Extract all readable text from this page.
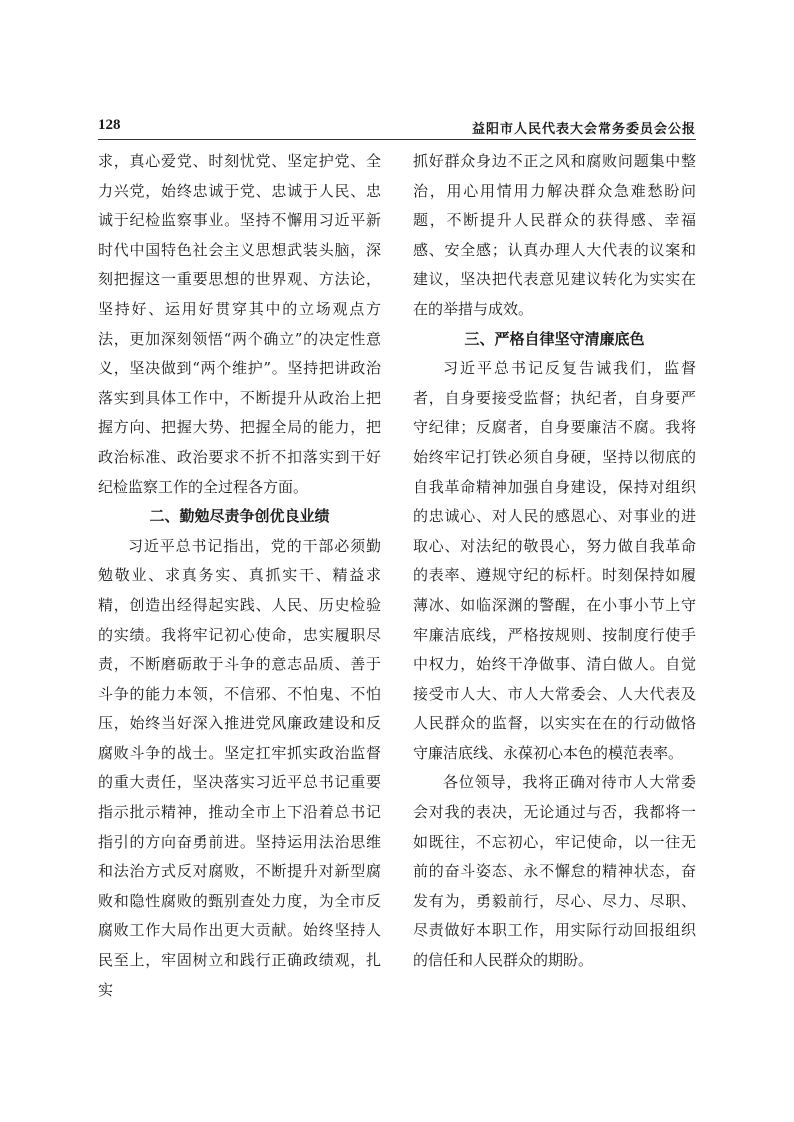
128	益阳市人民代表大会常务委员会公报

求，真心爱党、时刻忧党、坚定护党、全力兴党，始终忠诚于党、忠诚于人民、忠诚于纪检监察事业。坚持不懈用习近平新时代中国特色社会主义思想武装头脑，深刻把握这一重要思想的世界观、方法论，坚持好、运用好贯穿其中的立场观点方法，更加深刻领悟“两个确立”的决定性意义，坚决做到“两个维护”。坚持把讲政治落实到具体工作中，不断提升从政治上把握方向、把握大势、把握全局的能力，把政治标准、政治要求不折不扣落实到干好纪检监察工作的全过程各方面。

二、勤勉尽责争创优良业绩

习近平总书记指出，党的干部必须勤勉敬业、求真务实、真抓实干、精益求精，创造出经得起实践、人民、历史检验的实绩。我将牢记初心使命，忠实履职尽责，不断磨砺敢于斗争的意志品质、善于斗争的能力本领，不信邪、不怕鬼、不怕压，始终当好深入推进党风廉政建设和反腐败斗争的战士。坚定扛牢抓实政治监督的重大责任，坚决落实习近平总书记重要指示批示精神，推动全市上下沿着总书记指引的方向奋勇前进。坚持运用法治思维和法治方式反对腐败，不断提升对新型腐败和隐性腐败的甄别查处力度，为全市反腐败工作大局作出更大贡献。始终坚持人民至上，牢固树立和践行正确政绩观，扎实

抓好群众身边不正之风和腐败问题集中整治，用心用情用力解决群众急难愁盼问题，不断提升人民群众的获得感、幸福感、安全感；认真办理人大代表的议案和建议，坚决把代表意见建议转化为实实在在的举措与成效。

三、严格自律坚守清廉底色

习近平总书记反复告诫我们，监督者，自身要接受监督；执纪者，自身要严守纪律；反腐者，自身要廉洁不腐。我将始终牢记打铁必须自身硬，坚持以彻底的自我革命精神加强自身建设，保持对组织的忠诚心、对人民的感恩心、对事业的进取心、对法纪的敬畏心，努力做自我革命的表率、遵规守纪的标杆。时刻保持如履薄冰、如临深渊的警醒，在小事小节上守牢廉洁底线，严格按规则、按制度行使手中权力，始终干净做事、清白做人。自觉接受市人大、市人大常委会、人大代表及人民群众的监督，以实实在在的行动做恪守廉洁底线、永葆初心本色的模范表率。

各位领导，我将正确对待市人大常委会对我的表决，无论通过与否，我都将一如既往，不忘初心，牢记使命，以一往无前的奋斗姿态、永不懈怠的精神状态，奋发有为，勇毅前行，尽心、尽力、尽职、尽责做好本职工作，用实际行动回报组织的信任和人民群众的期盼。
